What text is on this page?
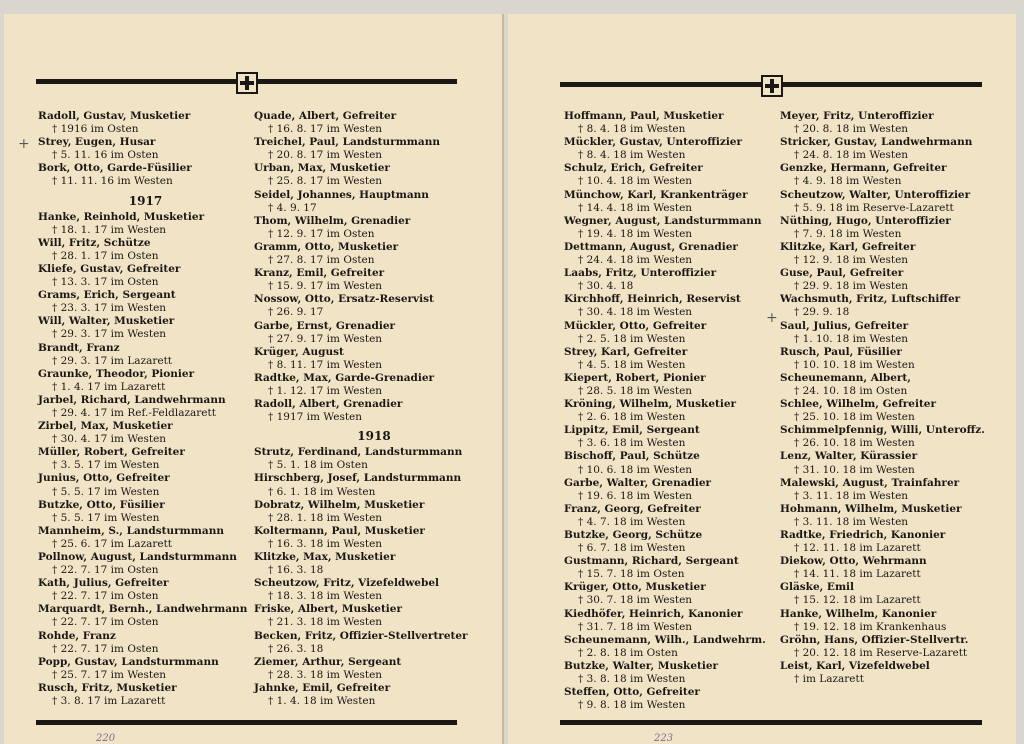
+
Radoll, Gustav, Musketier
† 1916 im Osten
Strey, Eugen, Husar
† 5. 11. 16 im Osten
Bork, Otto, Garde-Füsilier
† 11. 11. 16 im Westen
1917
Hanke, Reinhold, Musketier
† 18. 1. 17 im Westen
Will, Fritz, Schütze
† 28. 1. 17 im Osten
Kliefe, Gustav, Gefreiter
† 13. 3. 17 im Osten
Grams, Erich, Sergeant
† 23. 3. 17 im Westen
Will, Walter, Musketier
† 29. 3. 17 im Westen
Brandt, Franz
† 29. 3. 17 im Lazarett
Graunke, Theodor, Pionier
† 1. 4. 17 im Lazarett
Jarbel, Richard, Landwehrmann
† 29. 4. 17 im Ref.-Feldlazarett
Zirbel, Max, Musketier
† 30. 4. 17 im Westen
Müller, Robert, Gefreiter
† 3. 5. 17 im Westen
Junius, Otto, Gefreiter
† 5. 5. 17 im Westen
Butzke, Otto, Füsilier
† 5. 5. 17 im Westen
Mannheim, S., Landsturmmann
† 25. 6. 17 im Lazarett
Pollnow, August, Landsturmmann
† 22. 7. 17 im Osten
Kath, Julius, Gefreiter
† 22. 7. 17 im Osten
Marquardt, Bernh., Landwehrmann
† 22. 7. 17 im Osten
Rohde, Franz
† 22. 7. 17 im Osten
Popp, Gustav, Landsturmmann
† 25. 7. 17 im Westen
Rusch, Fritz, Musketier
† 3. 8. 17 im Lazarett
Quade, Albert, Gefreiter
† 16. 8. 17 im Westen
Treichel, Paul, Landsturmmann
† 20. 8. 17 im Westen
Urban, Max, Musketier
† 25. 8. 17 im Westen
Seidel, Johannes, Hauptmann
† 4. 9. 17
Thom, Wilhelm, Grenadier
† 12. 9. 17 im Osten
Gramm, Otto, Musketier
† 27. 8. 17 im Osten
Kranz, Emil, Gefreiter
† 15. 9. 17 im Westen
Nossow, Otto, Ersatz-Reservist
† 26. 9. 17
Garbe, Ernst, Grenadier
† 27. 9. 17 im Westen
Krüger, August
† 8. 11. 17 im Westen
Radtke, Max, Garde-Grenadier
† 1. 12. 17 im Westen
Radoll, Albert, Grenadier
† 1917 im Westen
1918
Strutz, Ferdinand, Landsturmmann
† 5. 1. 18 im Osten
Hirschberg, Josef, Landsturmmann
† 6. 1. 18 im Westen
Dobratz, Wilhelm, Musketier
† 28. 1. 18 im Westen
Koltermann, Paul, Musketier
† 16. 3. 18 im Westen
Klitzke, Max, Musketier
† 16. 3. 18
Scheutzow, Fritz, Vizefeldwebel
† 18. 3. 18 im Westen
Friske, Albert, Musketier
† 21. 3. 18 im Westen
Becken, Fritz, Offizier-Stellvertreter
† 26. 3. 18
Ziemer, Arthur, Sergeant
† 28. 3. 18 im Westen
Jahnke, Emil, Gefreiter
† 1. 4. 18 im Westen
220
+
Hoffmann, Paul, Musketier
† 8. 4. 18 im Westen
Mückler, Gustav, Unteroffizier
† 8. 4. 18 im Westen
Schulz, Erich, Gefreiter
† 10. 4. 18 im Westen
Münchow, Karl, Krankenträger
† 14. 4. 18 im Westen
Wegner, August, Landsturmmann
† 19. 4. 18 im Westen
Dettmann, August, Grenadier
† 24. 4. 18 im Westen
Laabs, Fritz, Unteroffizier
† 30. 4. 18
Kirchhoff, Heinrich, Reservist
† 30. 4. 18 im Westen
Mückler, Otto, Gefreiter
† 2. 5. 18 im Westen
Strey, Karl, Gefreiter
† 4. 5. 18 im Westen
Kiepert, Robert, Pionier
† 28. 5. 18 im Westen
Kröning, Wilhelm, Musketier
† 2. 6. 18 im Westen
Lippitz, Emil, Sergeant
† 3. 6. 18 im Westen
Bischoff, Paul, Schütze
† 10. 6. 18 im Westen
Garbe, Walter, Grenadier
† 19. 6. 18 im Westen
Franz, Georg, Gefreiter
† 4. 7. 18 im Westen
Butzke, Georg, Schütze
† 6. 7. 18 im Westen
Gustmann, Richard, Sergeant
† 15. 7. 18 im Osten
Krüger, Otto, Musketier
† 30. 7. 18 im Westen
Kiedhöfer, Heinrich, Kanonier
† 31. 7. 18 im Westen
Scheunemann, Wilh., Landwehrm.
† 2. 8. 18 im Osten
Butzke, Walter, Musketier
† 3. 8. 18 im Westen
Steffen, Otto, Gefreiter
† 9. 8. 18 im Westen
Meyer, Fritz, Unteroffizier
† 20. 8. 18 im Westen
Stricker, Gustav, Landwehrmann
† 24. 8. 18 im Westen
Genzke, Hermann, Gefreiter
† 4. 9. 18 im Westen
Scheutzow, Walter, Unteroffizier
† 5. 9. 18 im Reserve-Lazarett
Nüthing, Hugo, Unteroffizier
† 7. 9. 18 im Westen
Klitzke, Karl, Gefreiter
† 12. 9. 18 im Westen
Guse, Paul, Gefreiter
† 29. 9. 18 im Westen
Wachsmuth, Fritz, Luftschiffer
† 29. 9. 18
Saul, Julius, Gefreiter
† 1. 10. 18 im Westen
Rusch, Paul, Füsilier
† 10. 10. 18 im Westen
Scheunemann, Albert,
† 24. 10. 18 im Osten
Schlee, Wilhelm, Gefreiter
† 25. 10. 18 im Westen
Schimmelpfennig, Willi, Unteroffz.
† 26. 10. 18 im Westen
Lenz, Walter, Kürassier
† 31. 10. 18 im Westen
Malewski, August, Trainfahrer
† 3. 11. 18 im Westen
Hohmann, Wilhelm, Musketier
† 3. 11. 18 im Westen
Radtke, Friedrich, Kanonier
† 12. 11. 18 im Lazarett
Diekow, Otto, Wehrmann
† 14. 11. 18 im Lazarett
Gläske, Emil
† 15. 12. 18 im Lazarett
Hanke, Wilhelm, Kanonier
† 19. 12. 18 im Krankenhaus
Gröhn, Hans, Offizier-Stellvertr.
† 20. 12. 18 im Reserve-Lazarett
Leist, Karl, Vizefeldwebel
† im Lazarett
223
